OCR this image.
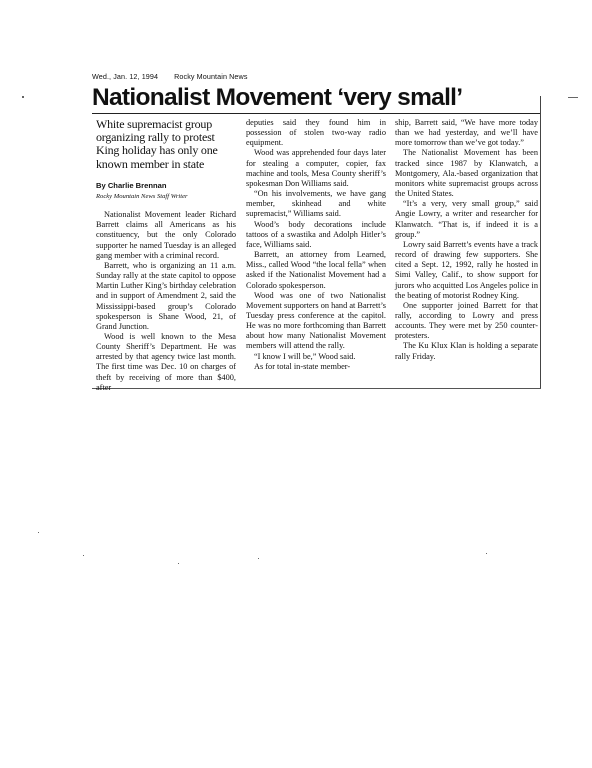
Wed., Jan. 12, 1994 Rocky Mountain News
Nationalist Movement ‘very small’
White supremacist group organizing rally to protest King holiday has only one known member in state
By Charlie Brennan
Rocky Mountain News Staff Writer

Nationalist Movement leader Richard Barrett claims all Americans as his constituency, but the only Colorado supporter he named Tuesday is an alleged gang member with a criminal record.

Barrett, who is organizing an 11 a.m. Sunday rally at the state capitol to oppose Martin Luther King’s birthday celebration and in support of Amendment 2, said the Mississippi-based group’s Colorado spokesperson is Shane Wood, 21, of Grand Junction.

Wood is well known to the Mesa County Sheriff’s Department. He was arrested by that agency twice last month. The first time was Dec. 10 on charges of theft by receiving of more than $400, after

deputies said they found him in possession of stolen two-way radio equipment.

Wood was apprehended four days later for stealing a computer, copier, fax machine and tools, Mesa County sheriff’s spokesman Don Williams said.

“On his involvements, we have gang member, skinhead and white supremacist,” Williams said.

Wood’s body decorations include tattoos of a swastika and Adolph Hitler’s face, Williams said.

Barrett, an attorney from Learned, Miss., called Wood “the local fella” when asked if the Nationalist Movement had a Colorado spokesperson.

Wood was one of two Nationalist Movement supporters on hand at Barrett’s Tuesday press conference at the capitol. He was no more forthcoming than Barrett about how many Nationalist Movement members will attend the rally.

“I know I will be,” Wood said.

As for total in-state member-

ship, Barrett said, “We have more today than we had yesterday, and we’ll have more tomorrow than we’ve got today.”

The Nationalist Movement has been tracked since 1987 by Klanwatch, a Montgomery, Ala.-based organization that monitors white supremacist groups across the United States.

“It’s a very, very small group,” said Angie Lowry, a writer and researcher for Klanwatch. “That is, if indeed it is a group.”

Lowry said Barrett’s events have a track record of drawing few supporters. She cited a Sept. 12, 1992, rally he hosted in Simi Valley, Calif., to show support for jurors who acquitted Los Angeles police in the beating of motorist Rodney King.

One supporter joined Barrett for that rally, according to Lowry and press accounts. They were met by 250 counter-protesters.

The Ku Klux Klan is holding a separate rally Friday.
